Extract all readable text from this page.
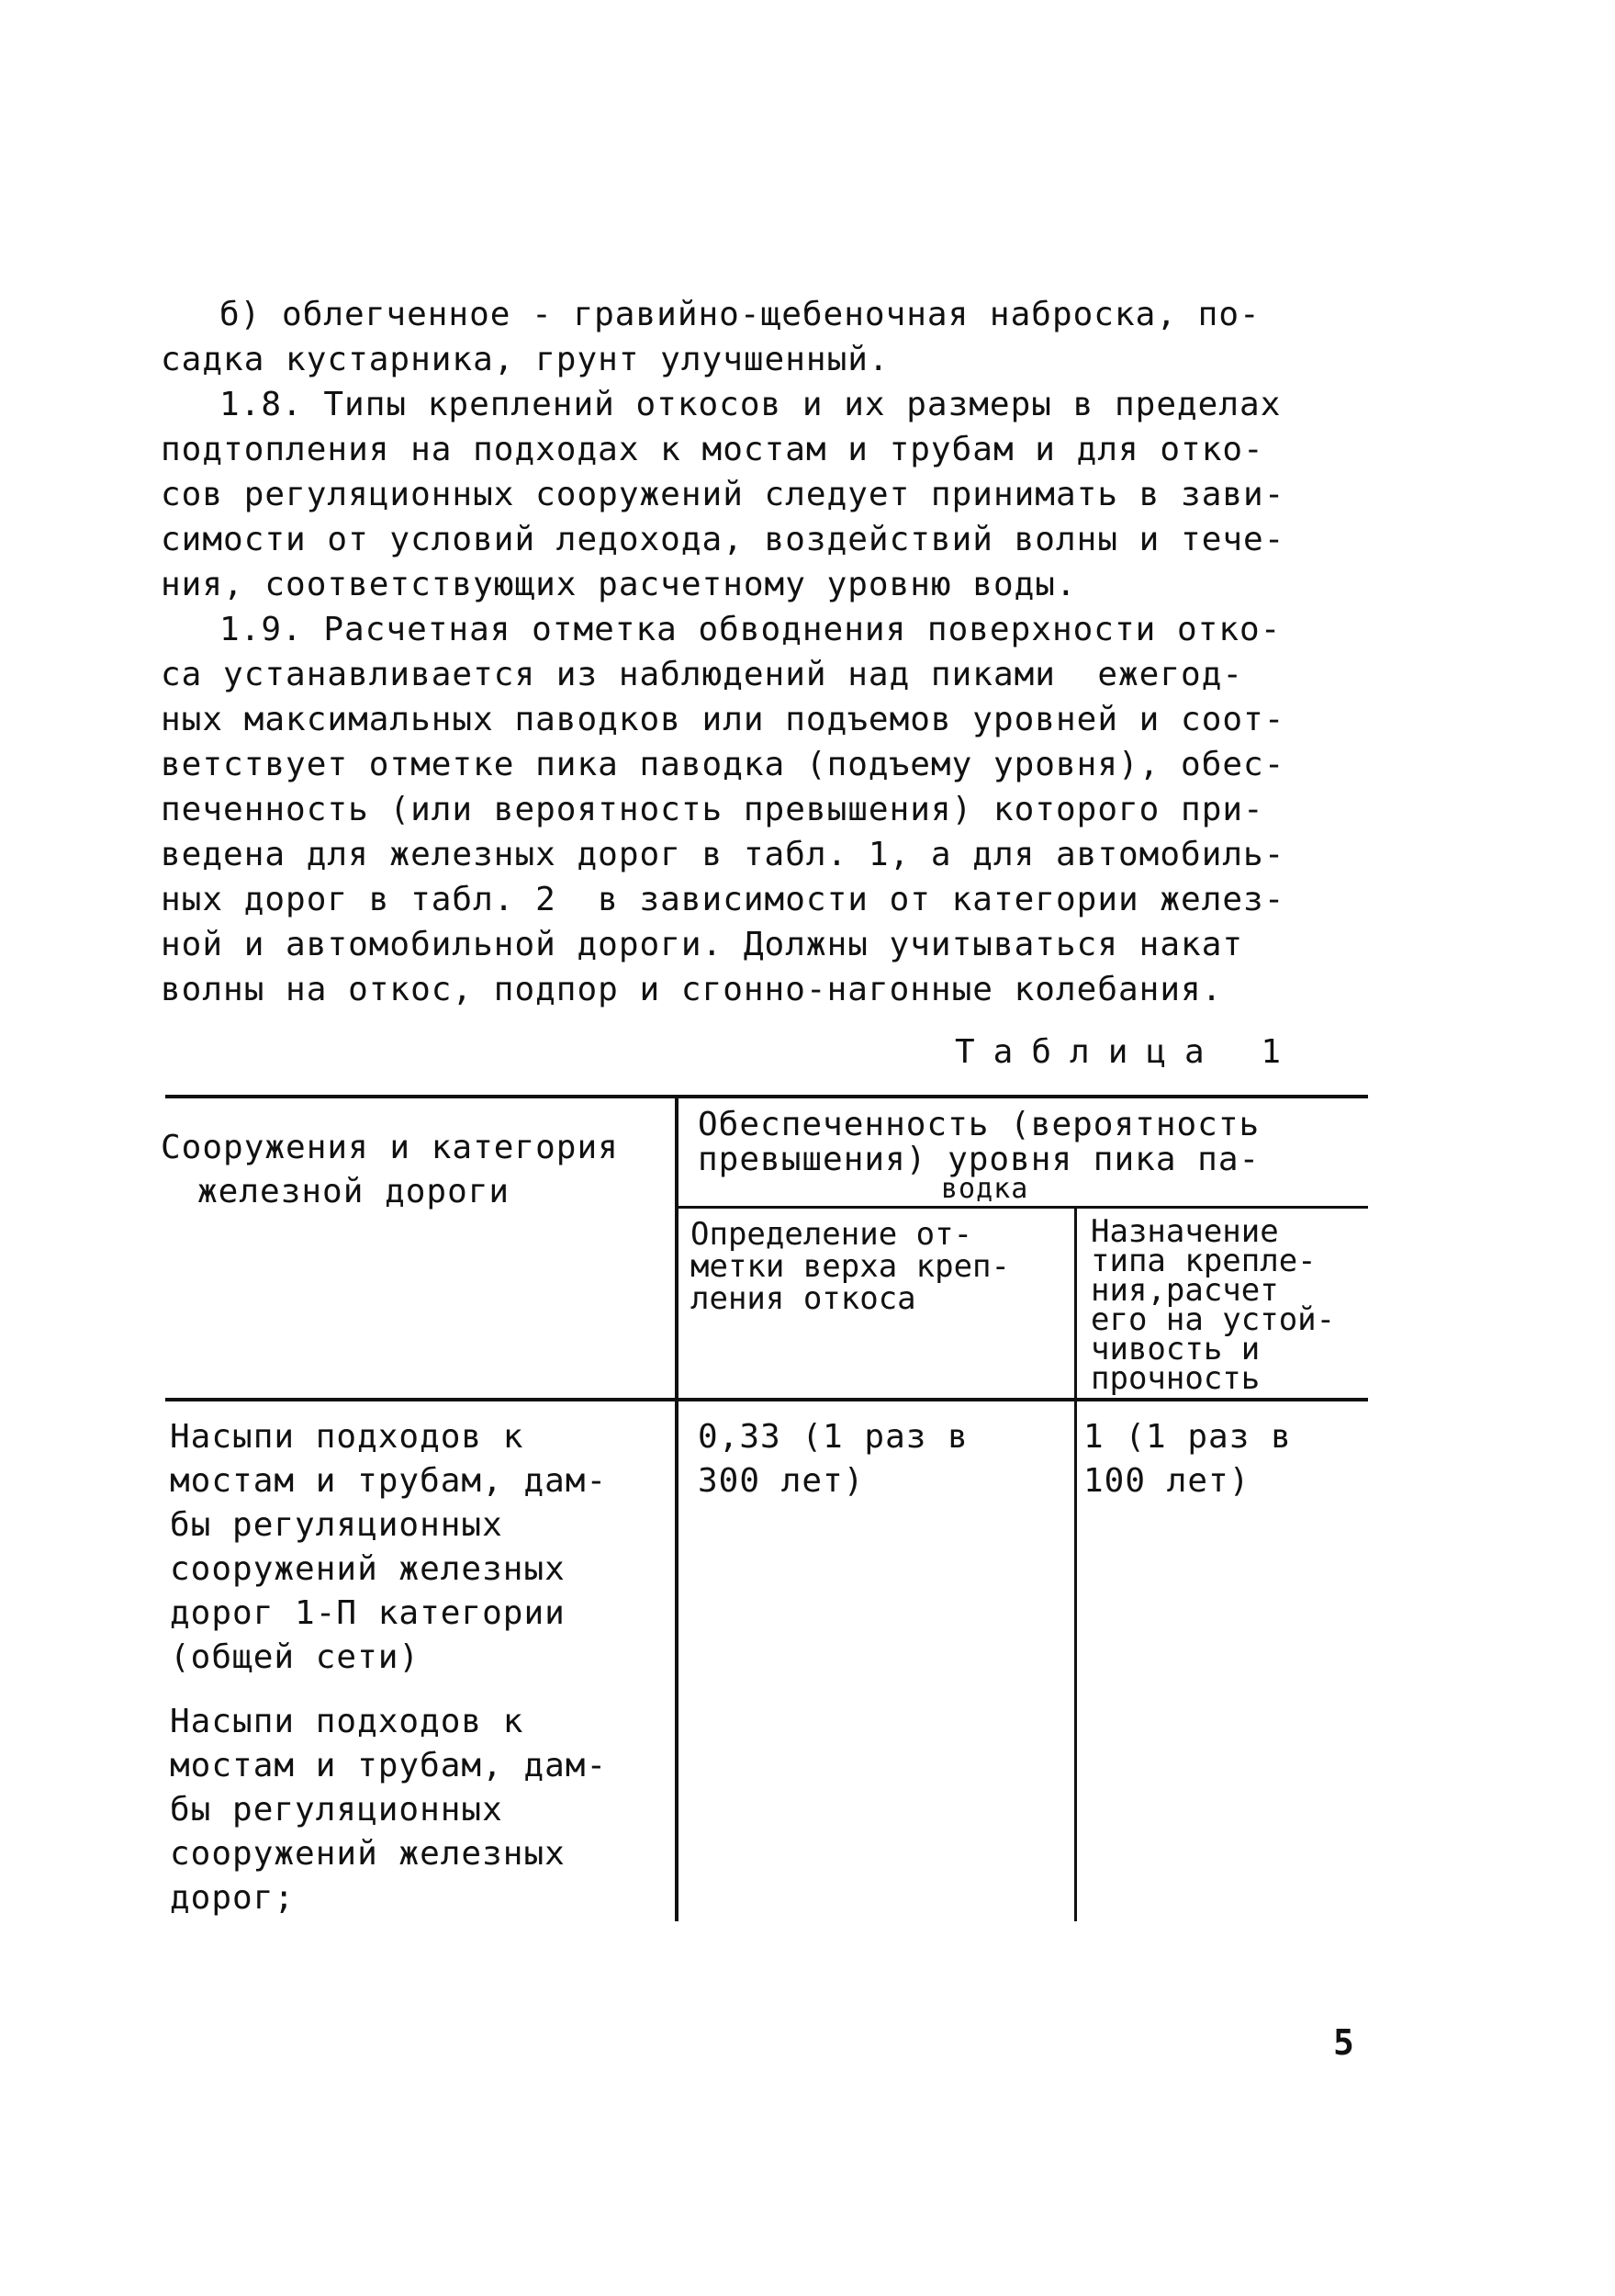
б) облегченное - гравийно-щебеночная наброска, по-
садка кустарника, грунт улучшенный.
1.8. Типы креплений откосов и их размеры в пределах
подтопления на подходах к мостам и трубам и для отко-
сов регуляционных сооружений следует принимать в зави-
симости от условий ледохода, воздействий волны и тече-
ния, соответствующих расчетному уровню воды.
1.9. Расчетная отметка обводнения поверхности отко-
са устанавливается из наблюдений над пиками  ежегод-
ных максимальных паводков или подъемов уровней и соот-
ветствует отметке пика паводка (подъему уровня), обес-
печенность (или вероятность превышения) которого при-
ведена для железных дорог в табл. 1, а для автомобиль-
ных дорог в табл. 2  в зависимости от категории желез-
ной и автомобильной дороги. Должны учитываться накат
волны на откос, подпор и сгонно-нагонные колебания.
Таблица 1
Сооружения и категория
железной дороги
Обеспеченность (вероятность
превышения) уровня пика па-
водка
Определение от-
метки верха креп-
ления откоса
Назначение
типа крепле-
ния,расчет
его на устой-
чивость и
прочность
Насыпи подходов к
мостам и трубам, дам-
бы регуляционных
сооружений железных
дорог 1-П категории
(общей сети)
0,33 (1 раз в
300 лет)
1 (1 раз в
100 лет)
Насыпи подходов к
мостам и трубам, дам-
бы регуляционных
сооружений железных
дорог;
5
